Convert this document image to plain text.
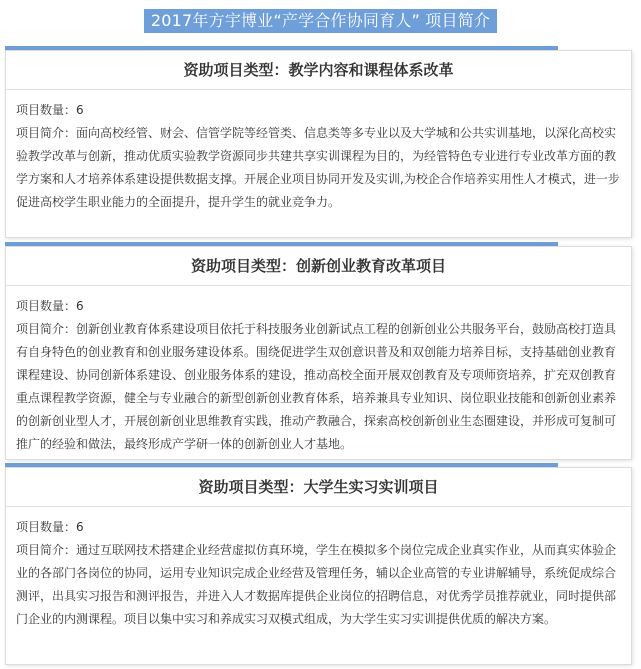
2017年方宇博业“产学合作协同育人” 项目简介
资助项目类型：教学内容和课程体系改革

项目数量：6

项目简介：面向高校经管、财会、信管学院等经管类、信息类等多专业以及大学城和公共实训基地，以深化高校实验教学改革与创新，推动优质实验教学资源同步共建共享实训课程为目的，为经管特色专业进行专业改革方面的教学方案和人才培养体系建设提供数据支撑。开展企业项目协同开发及实训,为校企合作培养实用性人才模式，进一步促进高校学生职业能力的全面提升，提升学生的就业竞争力。

资助项目类型：创新创业教育改革项目

项目数量：6

项目简介：创新创业教育体系建设项目依托于科技服务业创新试点工程的创新创业公共服务平台，鼓励高校打造具有自身特色的创业教育和创业服务建设体系。围绕促进学生双创意识普及和双创能力培养目标，支持基础创业教育课程建设、协同创新体系建设、创业服务体系的建设，推动高校全面开展双创教育及专项师资培养，扩充双创教育重点课程教学资源，健全与专业融合的新型创新创业教育体系，培养兼具专业知识、岗位职业技能和创新创业素养的创新创业型人才，开展创新创业思维教育实践，推动产教融合，探索高校创新创业生态圈建设，并形成可复制可推广的经验和做法，最终形成产学研一体的创新创业人才基地。

资助项目类型：大学生实习实训项目

项目数量：6

项目简介：通过互联网技术搭建企业经营虚拟仿真环境，学生在模拟多个岗位完成企业真实作业，从而真实体验企业的各部门各岗位的协同，运用专业知识完成企业经营及管理任务，辅以企业高管的专业讲解辅导，系统促成综合测评，出具实习报告和测评报告，并进入人才数据库提供企业岗位的招聘信息，对优秀学员推荐就业，同时提供部门企业的内测课程。项目以集中实习和养成实习双模式组成，为大学生实习实训提供优质的解决方案。
